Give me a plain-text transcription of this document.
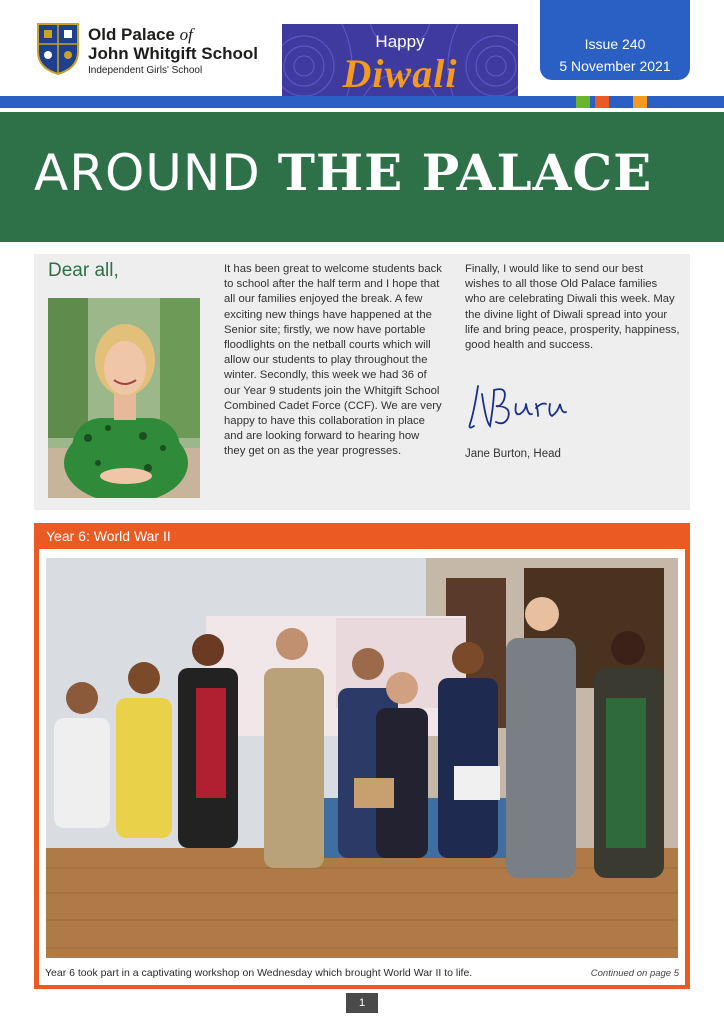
Old Palace of
John Whitgift School
Independent Girls' School
Happy
Diwali
Issue 240
5 November 2021
AROUND THE PALACE
Dear all,	It has been great to welcome students back to school after the half term and I hope that all our families enjoyed the break. A few exciting new things have happened at the Senior site; firstly, we now have portable floodlights on the netball courts which will allow our students to play throughout the winter. Secondly, this week we had 36 of our Year 9 students join the Whitgift School Combined Cadet Force (CCF). We are very happy to have this collaboration in place and are looking forward to hearing how they get on as the year progresses.
Finally, I would like to send our best wishes to all those Old Palace families who are celebrating Diwali this week. May the divine light of Diwali spread into your life and bring peace, prosperity, happiness, good health and success.
Jane Burton, Head
Year 6: World War II
Year 6 took part in a captivating workshop on Wednesday which brought World War II to life.	Continued on page 5
1
